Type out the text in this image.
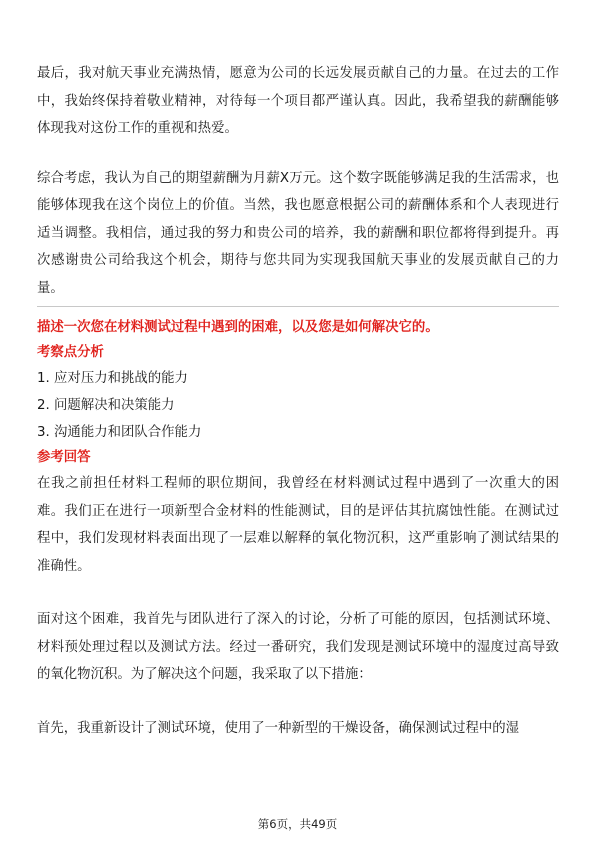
最后，我对航天事业充满热情，愿意为公司的长远发展贡献自己的力量。在过去的工作中，我始终保持着敬业精神，对待每一个项目都严谨认真。因此，我希望我的薪酬能够体现我对这份工作的重视和热爱。

综合考虑，我认为自己的期望薪酬为月薪X万元。这个数字既能够满足我的生活需求，也能够体现我在这个岗位上的价值。当然，我也愿意根据公司的薪酬体系和个人表现进行适当调整。我相信，通过我的努力和贵公司的培养，我的薪酬和职位都将得到提升。再次感谢贵公司给我这个机会，期待与您共同为实现我国航天事业的发展贡献自己的力量。

描述一次您在材料测试过程中遇到的困难，以及您是如何解决它的。

考察点分析

1. 应对压力和挑战的能力
2. 问题解决和决策能力
3. 沟通能力和团队合作能力

参考回答

在我之前担任材料工程师的职位期间，我曾经在材料测试过程中遇到了一次重大的困难。我们正在进行一项新型合金材料的性能测试，目的是评估其抗腐蚀性能。在测试过程中，我们发现材料表面出现了一层难以解释的氧化物沉积，这严重影响了测试结果的准确性。

面对这个困难，我首先与团队进行了深入的讨论，分析了可能的原因，包括测试环境、材料预处理过程以及测试方法。经过一番研究，我们发现是测试环境中的湿度过高导致的氧化物沉积。为了解决这个问题，我采取了以下措施：

首先，我重新设计了测试环境，使用了一种新型的干燥设备，确保测试过程中的湿

第6页，共49页
